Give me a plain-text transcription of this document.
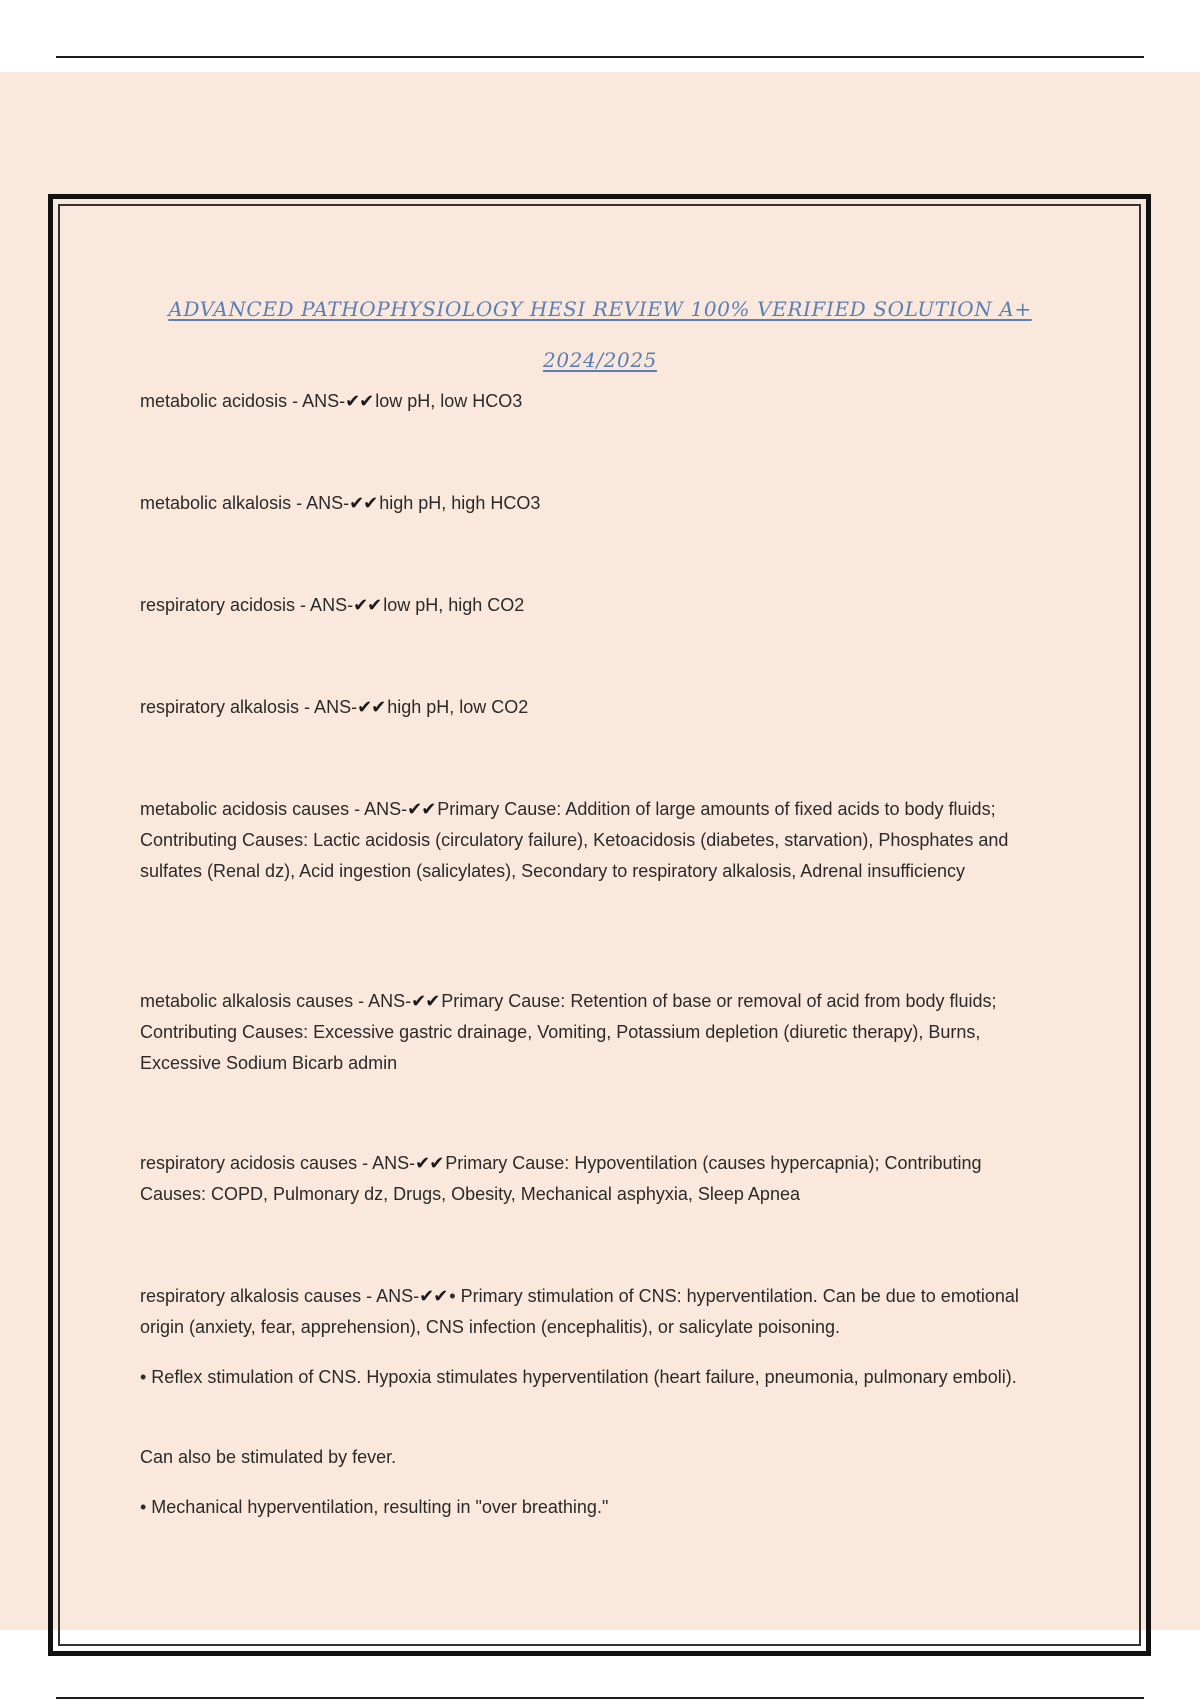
ADVANCED PATHOPHYSIOLOGY HESI REVIEW 100% VERIFIED SOLUTION A+
2024/2025

metabolic acidosis - ANS-✔✔ low pH, low HCO3

metabolic alkalosis - ANS-✔✔ high pH, high HCO3

respiratory acidosis - ANS-✔✔ low pH, high CO2

respiratory alkalosis - ANS-✔✔ high pH, low CO2

metabolic acidosis causes - ANS-✔✔ Primary Cause: Addition of large amounts of fixed acids to body fluids; Contributing Causes: Lactic acidosis (circulatory failure), Ketoacidosis (diabetes, starvation), Phosphates and sulfates (Renal dz), Acid ingestion (salicylates), Secondary to respiratory alkalosis, Adrenal insufficiency

metabolic alkalosis causes - ANS-✔✔ Primary Cause: Retention of base or removal of acid from body fluids; Contributing Causes: Excessive gastric drainage, Vomiting, Potassium depletion (diuretic therapy), Burns, Excessive Sodium Bicarb admin

respiratory acidosis causes - ANS-✔✔ Primary Cause: Hypoventilation (causes hypercapnia); Contributing Causes: COPD, Pulmonary dz, Drugs, Obesity, Mechanical asphyxia, Sleep Apnea

respiratory alkalosis causes - ANS-✔✔ • Primary stimulation of CNS: hyperventilation. Can be due to emotional origin (anxiety, fear, apprehension), CNS infection (encephalitis), or salicylate poisoning.

• Reflex stimulation of CNS. Hypoxia stimulates hyperventilation (heart failure, pneumonia, pulmonary emboli).

Can also be stimulated by fever.

• Mechanical hyperventilation, resulting in "over breathing."
